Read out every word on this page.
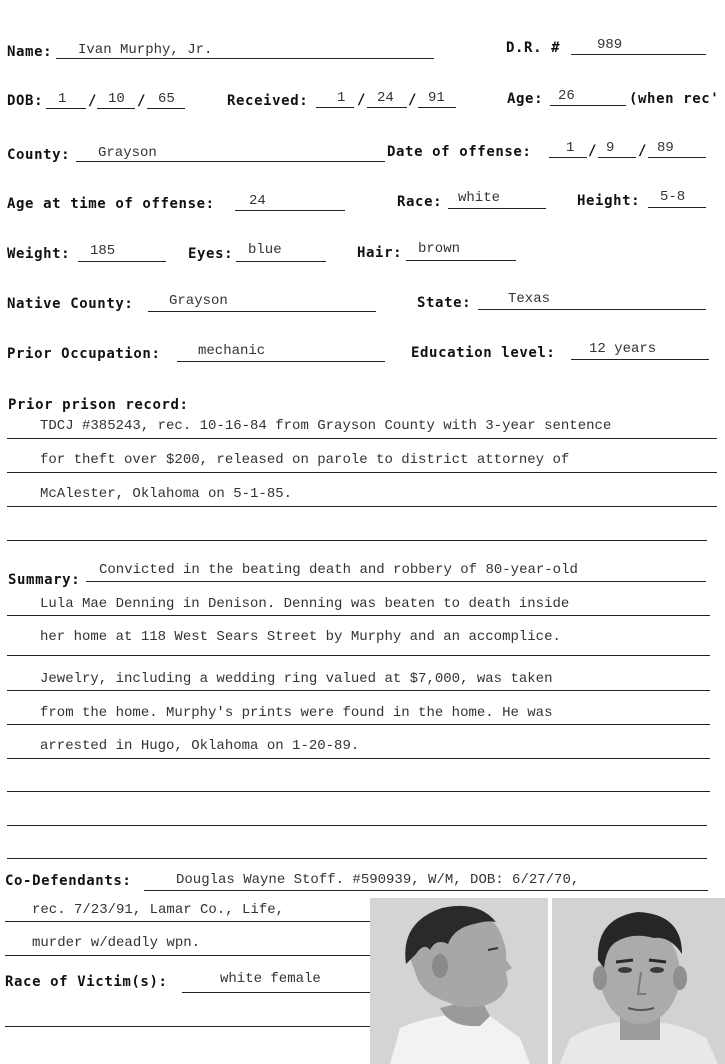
Name: Ivan Murphy, Jr.	D.R. #	989
DOB: 1 / 10 / 65	Received: 1 / 24 / 91	Age: 26	(when rec'
County: Grayson	Date of offense: 1 / 9 / 89
Age at time of offense: 24	Race: white	Height: 5-8
Weight: 185	Eyes: blue	Hair: brown
Native County:	Grayson	State:	Texas
Prior Occupation:	mechanic	Education level: 12 years
Prior prison record:
TDCJ #385243, rec. 10-16-84 from Grayson County with 3-year sentence
for theft over $200, released on parole to district attorney of
McAlester, Oklahoma on 5-1-85.
Summary:
Convicted in the beating death and robbery of 80-year-old
Lula Mae Denning in Denison. Denning was beaten to death inside
her home at 118 West Sears Street by Murphy and an accomplice.
Jewelry, including a wedding ring valued at $7,000, was taken
from the home. Murphy's prints were found in the home. He was
arrested in Hugo, Oklahoma on 1-20-89.
Co-Defendants:	Douglas Wayne Stoff. #590939, W/M, DOB: 6/27/70,
rec. 7/23/91, Lamar Co., Life,
murder w/deadly wpn.
Race of Victim(s):	white female
